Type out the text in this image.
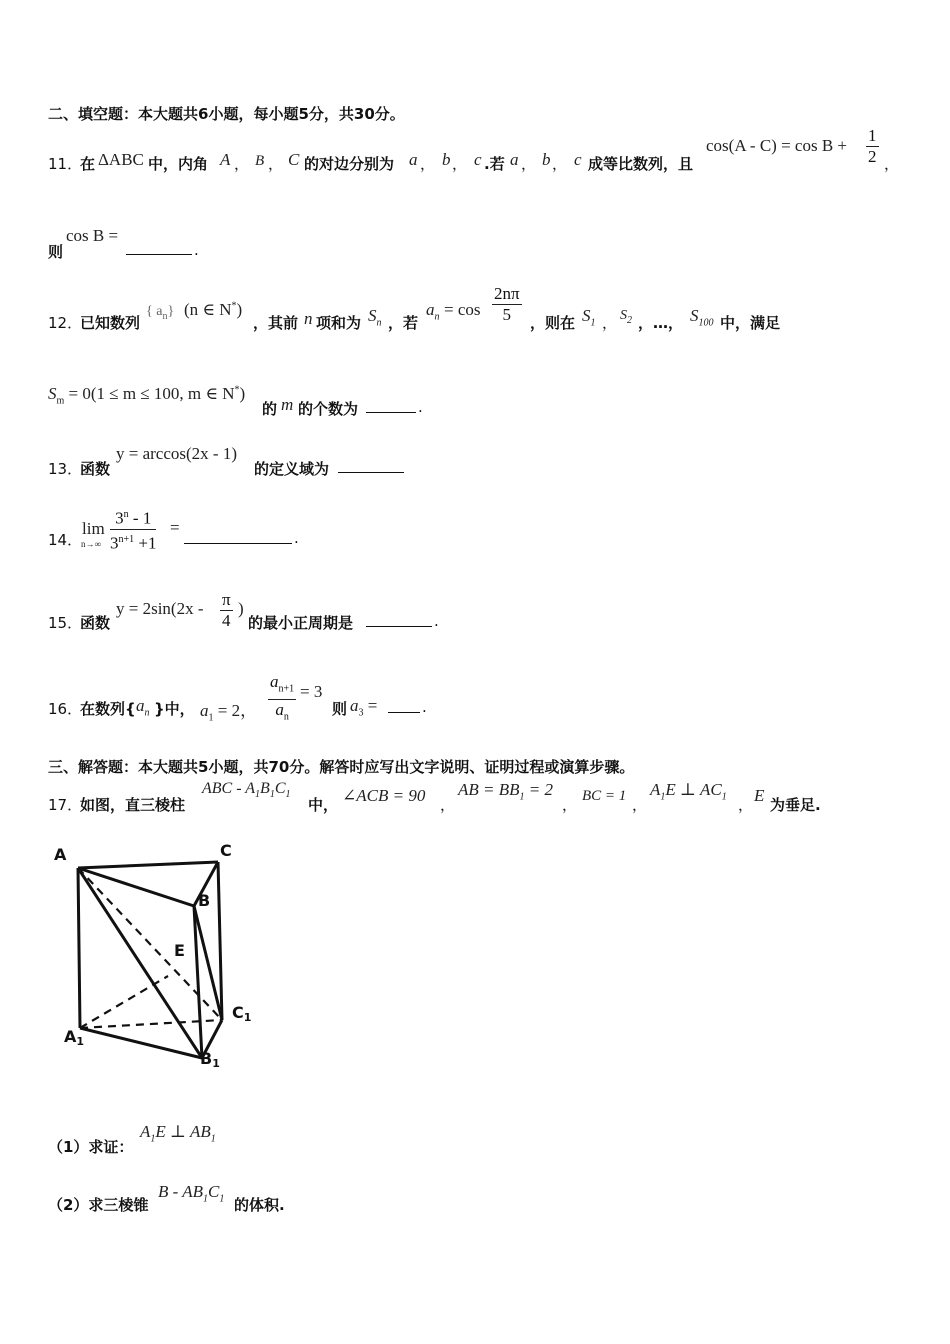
二、填空题：本大题共6小题，每小题5分，共30分。
11．
在 ΔABC 中，内角 A ， B ， C 的对边分别为 a ， b ， c .若 a ， b ， c 成等比数列，且
$\cos(A - C) = \cos B + \frac{1}{2}$ ，
则
cos B =
.
12．
已知数列
{ $a_n$} (n ∈ N*)
，其前 n 项和为 $S_n$ ，若
$a_n = \cos \frac{2n\pi}{5}$ ，则在 $S_1$ ， $S_2$ ，…， $S_{100}$ 中，满足
$S_m = 0(1 \le m \le 100$, m ∈ N*)
的 m 的个数为	.
13．
函数
y = arccos(2x - 1)
的定义域为
14．
lim
$n\to\infty \frac{3^n - 1}{3^{n+1} +1}$ =
.
15．
函数
$y = 2\sin(2x - \frac{\pi}{4}$ )
的最小正周期是	.
16．
在数列{ $a_n$ }中， $a_1 = 2$， $\frac{a_{n+1}}{a_n} = 3$
则 $a_3$ =	.
三、解答题：本大题共5小题，共70分。解答时应写出文字说明、证明过程或演算步骤。
17．
如图，直三棱柱
ABC - $A_1B_1C_1$
中， ∠ACB = 90 ，
AB = $BB_1 = 2$
， BC = 1 ，
$A_1E$ ⊥ $AC_1$ ， E 为垂足.
A	C
B
E
A1
C1
B1
（1）求证：
$A_1E$ ⊥ $AB_1$
（2）求三棱锥
B - $AB_1C_1$ 的体积.
